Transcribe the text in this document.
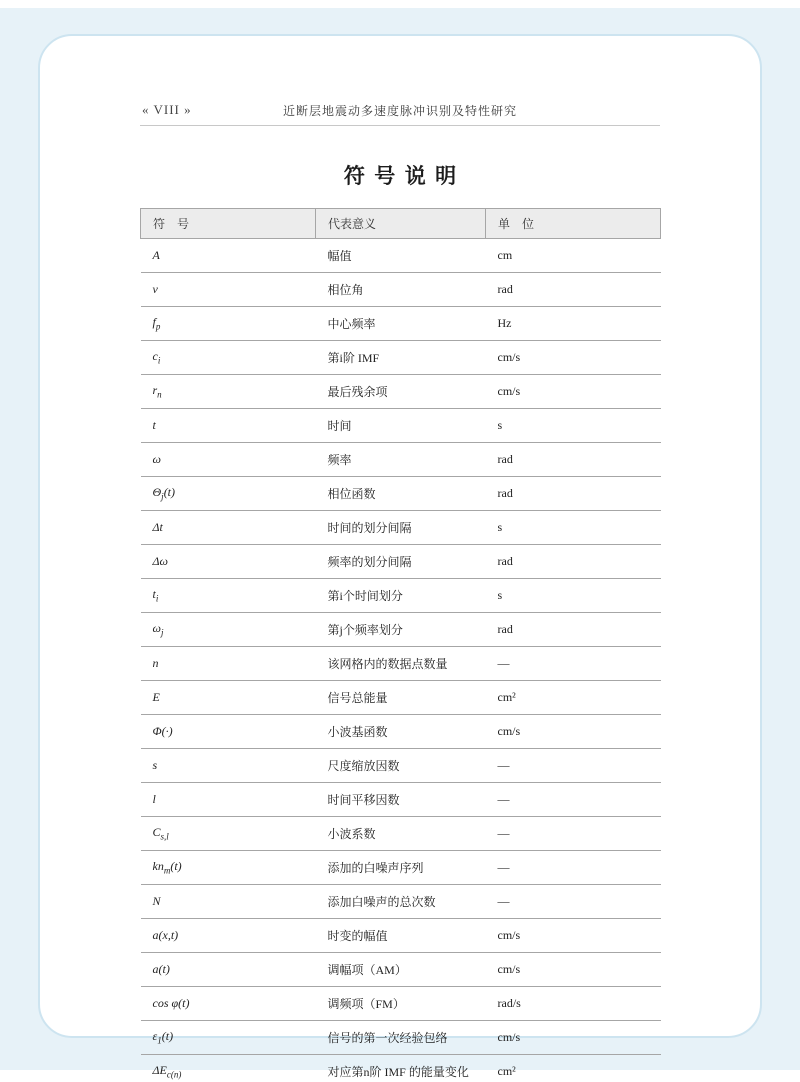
« VIII »	近断层地震动多速度脉冲识别及特性研究
符号说明
符　号	代表意义	单　位
A	幅值	cm
ν	相位角	rad
$f_p$	中心频率	Hz
$c_i$	第i阶 IMF	cm/s
$r_n$	最后残余项	cm/s
t	时间	s
ω	频率	rad
$\Theta_j(t)$	相位函数	rad
Δt	时间的划分间隔	s
Δω	频率的划分间隔	rad
$t_i$	第i个时间划分	s
$\omega_j$	第j个频率划分	rad
n	该网格内的数据点数量	—
E	信号总能量	cm²
Φ(·)	小波基函数	cm/s
s	尺度缩放因数	—
l	时间平移因数	—
$C_{s,l}$	小波系数	—
$kn_m(t)$	添加的白噪声序列	—
N	添加白噪声的总次数	—
a(x,t)	时变的幅值	cm/s
a(t)	调幅项（AM）	cm/s
cos φ(t)	调频项（FM）	rad/s
$\varepsilon_1(t)$	信号的第一次经验包络	cm/s
$\Delta E_{c(n)}$	对应第n阶 IMF 的能量变化	cm²
